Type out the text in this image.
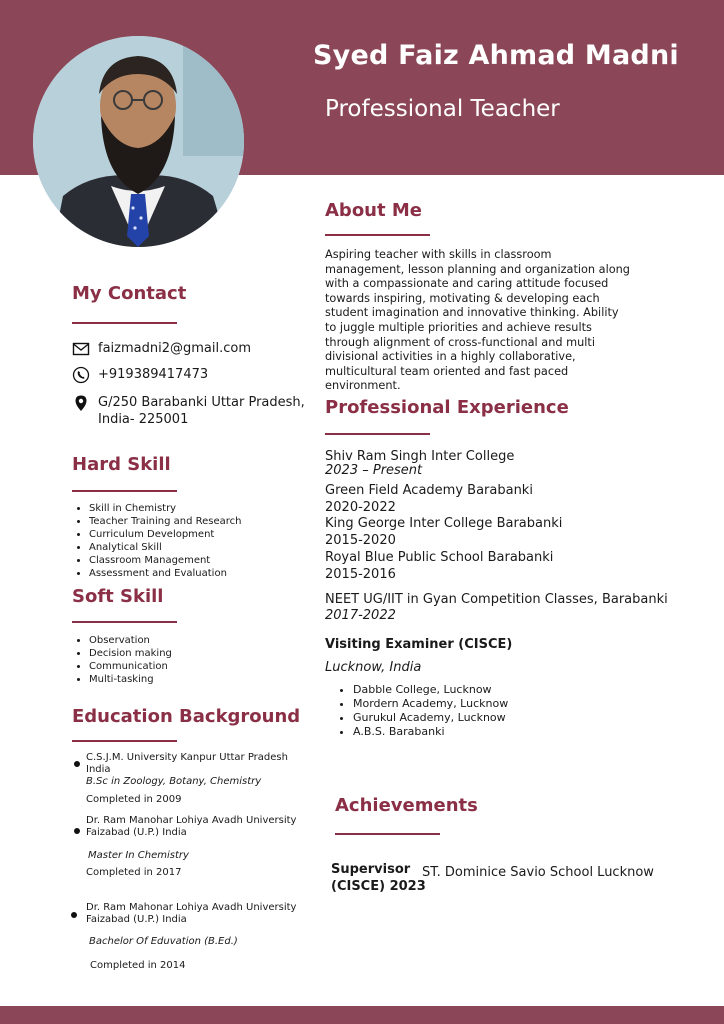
Syed Faiz Ahmad Madni
Professional Teacher
My Contact
faizmadni2@gmail.com
+919389417473
G/250 Barabanki Uttar Pradesh,
India- 225001
Hard Skill
• Skill in Chemistry
• Teacher Training and Research
• Curriculum Development
• Analytical Skill
• Classroom Management
• Assessment and Evaluation
Soft Skill
• Observation
• Decision making
• Communication
• Multi-tasking
Education Background
C.S.J.M. University Kanpur Uttar Pradesh
India
B.Sc in Zoology, Botany, Chemistry
Completed in 2009
Dr. Ram Manohar Lohiya Avadh University
Faizabad (U.P.) India
Master In Chemistry
Completed in 2017
Dr. Ram Mahonar Lohiya Avadh University
Faizabad (U.P.) India
Bachelor Of Eduvation (B.Ed.)
Completed in 2014
About Me
Aspiring teacher with skills in classroom management, lesson planning and organization along with a compassionate and caring attitude focused towards inspiring, motivating & developing each student imagination and innovative thinking. Ability to juggle multiple priorities and achieve results through alignment of cross-functional and multi divisional activities in a highly collaborative, multicultural team oriented and fast paced environment.
Professional Experience
Shiv Ram Singh Inter College
2023 – Present
Green Field Academy Barabanki
2020-2022
King George Inter College Barabanki
2015-2020
Royal Blue Public School Barabanki
2015-2016
NEET UG/IIT in Gyan Competition Classes, Barabanki
2017-2022
Visiting Examiner (CISCE)
Lucknow, India
• Dabble College, Lucknow
• Mordern Academy, Lucknow
• Gurukul Academy, Lucknow
• A.B.S. Barabanki
Achievements
Supervisor
(CISCE) 2023
ST. Dominice Savio School Lucknow
